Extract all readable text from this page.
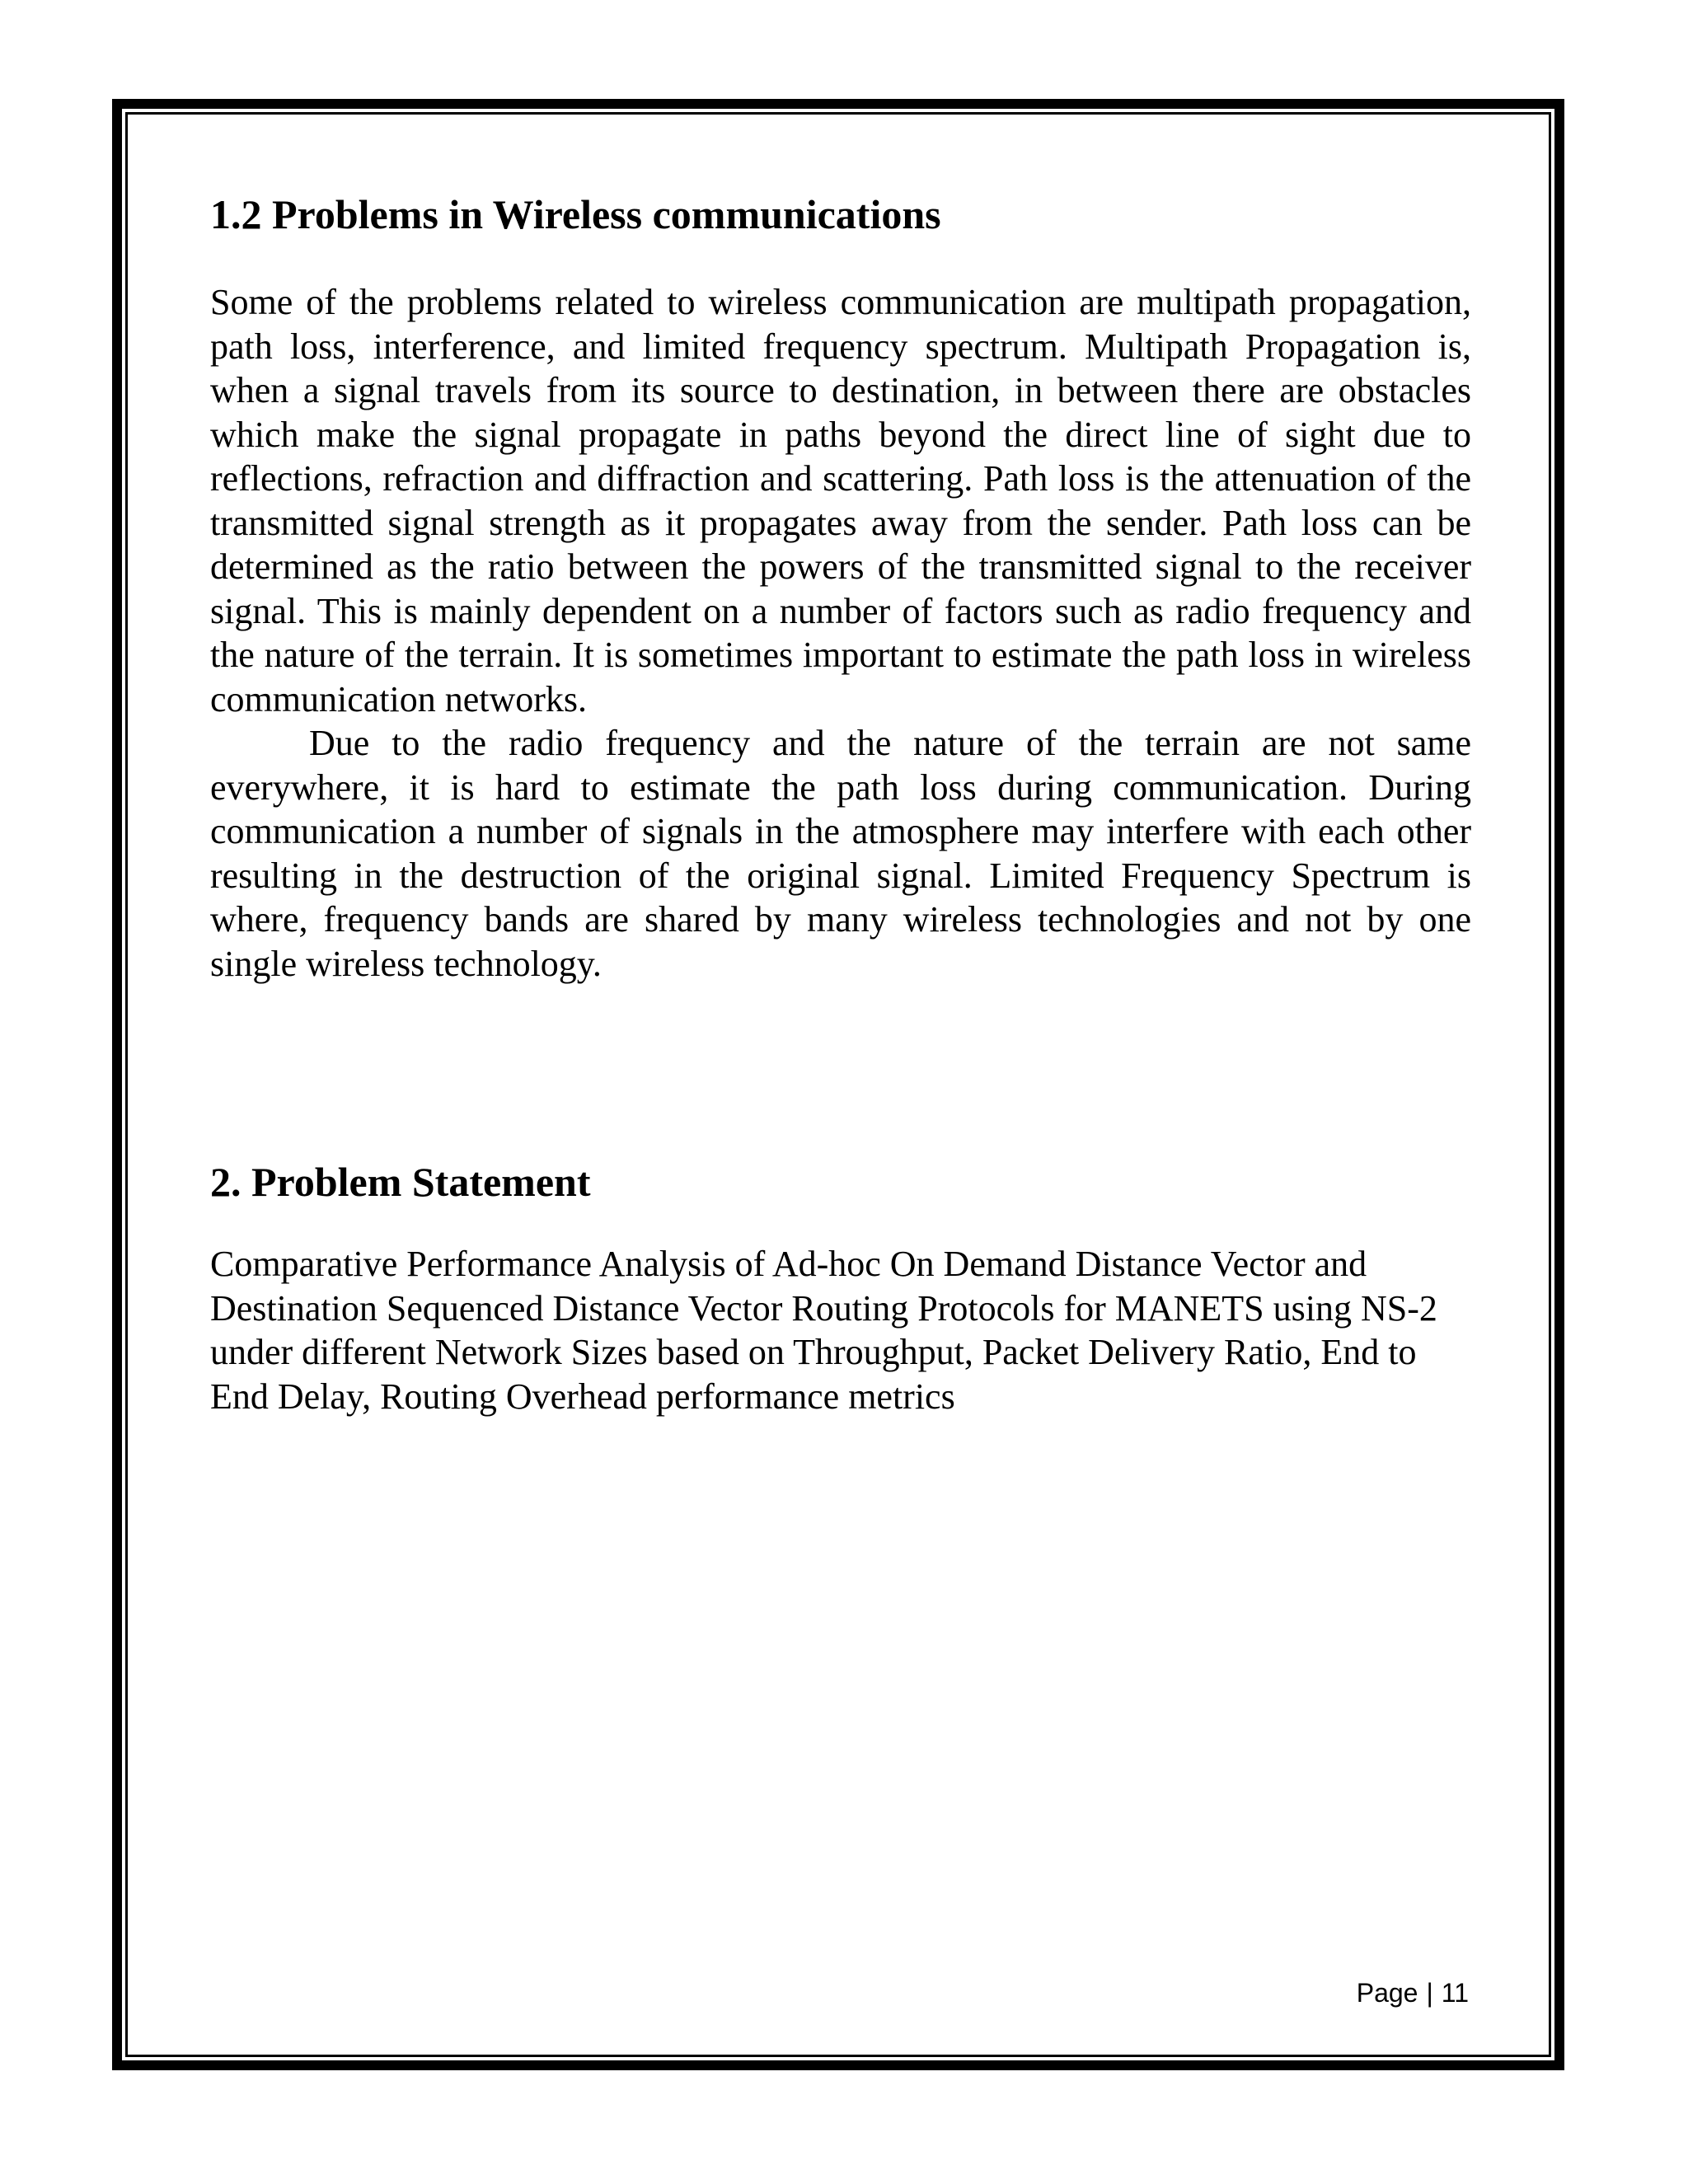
1.2 Problems in Wireless communications

Some of the problems related to wireless communication are multipath propagation, path loss, interference, and limited frequency spectrum. Multipath Propagation is, when a signal travels from its source to destination, in between there are obstacles which make the signal propagate in paths beyond the direct line of sight due to reflections, refraction and diffraction and scattering. Path loss is the attenuation of the transmitted signal strength as it propagates away from the sender. Path loss can be determined as the ratio between the powers of the transmitted signal to the receiver signal. This is mainly dependent on a number of factors such as radio frequency and the nature of the terrain. It is sometimes important to estimate the path loss in wireless communication networks.

Due to the radio frequency and the nature of the terrain are not same everywhere, it is hard to estimate the path loss during communication. During communication a number of signals in the atmosphere may interfere with each other resulting in the destruction of the original signal. Limited Frequency Spectrum is where, frequency bands are shared by many wireless technologies and not by one single wireless technology.

2. Problem Statement

Comparative Performance Analysis of Ad-hoc On Demand Distance Vector and Destination Sequenced Distance Vector Routing Protocols for MANETS using NS-2 under different Network Sizes based on Throughput, Packet Delivery Ratio, End to End Delay, Routing Overhead performance metrics

Page | 11
